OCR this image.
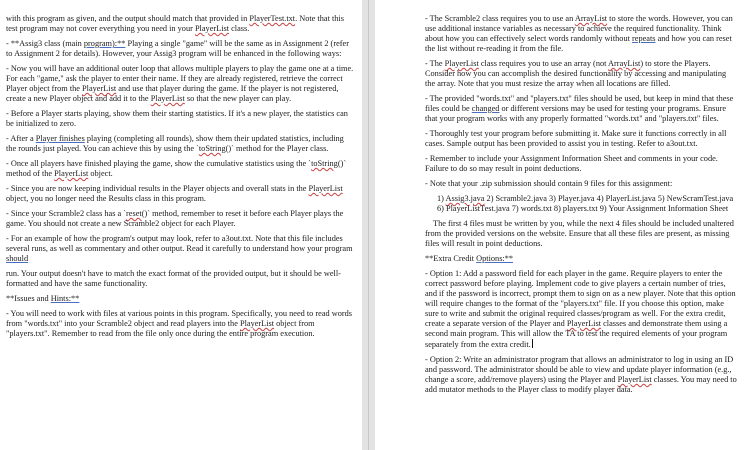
with this program as given, and the output should match that provided in PlayerTest.txt. Note that this test program may not cover everything you need in your PlayerList class.

- **Assig3 class (main program):** Playing a single "game" will be the same as in Assignment 2 (refer to Assignment 2 for details). However, your Assig3 program will be enhanced in the following ways:

- Now you will have an additional outer loop that allows multiple players to play the game one at a time. For each "game," ask the player to enter their name. If they are already registered, retrieve the correct Player object from the PlayerList and use that player during the game. If the player is not registered, create a new Player object and add it to the PlayerList so that the new player can play.

- Before a Player starts playing, show them their starting statistics. If it's a new player, the statistics can be initialized to zero.

- After a Player finishes playing (completing all rounds), show them their updated statistics, including the rounds just played. You can achieve this by using the `toString()` method for the Player class.

- Once all players have finished playing the game, show the cumulative statistics using the `toString()` method of the PlayerList object.

- Since you are now keeping individual results in the Player objects and overall stats in the PlayerList object, you no longer need the Results class in this program.

- Since your Scramble2 class has a `reset()` method, remember to reset it before each Player plays the game. You should not create a new Scramble2 object for each Player.

- For an example of how the program's output may look, refer to a3out.txt. Note that this file includes several runs, as well as commentary and other output. Read it carefully to understand how your program should

run. Your output doesn't have to match the exact format of the provided output, but it should be well-formatted and have the same functionality.

**Issues and Hints:**

- You will need to work with files at various points in this program. Specifically, you need to read words from "words.txt" into your Scramble2 object and read players into the PlayerList object from "players.txt". Remember to read from the file only once during the entire program execution.

- The Scramble2 class requires you to use an ArrayList to store the words. However, you can use additional instance variables as necessary to achieve the required functionality. Think about how you can effectively select words randomly without repeats and how you can reset the list without re-reading it from the file.

- The PlayerList class requires you to use an array (not ArrayList) to store the Players. Consider how you can accomplish the desired functionality by accessing and manipulating the array. Note that you must resize the array when all locations are filled.

- The provided "words.txt" and "players.txt" files should be used, but keep in mind that these files could be changed or different versions may be used for testing your programs. Ensure that your program works with any properly formatted "words.txt" and "players.txt" files.

- Thoroughly test your program before submitting it. Make sure it functions correctly in all cases. Sample output has been provided to assist you in testing. Refer to a3out.txt.

- Remember to include your Assignment Information Sheet and comments in your code. Failure to do so may result in point deductions.

- Note that your .zip submission should contain 9 files for this assignment:

1) Assig3.java 2) Scramble2.java 3) Player.java 4) PlayerList.java 5) NewScramTest.java 6) PlayerListTest.java 7) words.txt 8) players.txt 9) Your Assignment Information Sheet

The first 4 files must be written by you, while the next 4 files should be included unaltered from the provided versions on the website. Ensure that all these files are present, as missing files will result in point deductions.

**Extra Credit Options:**

- Option 1: Add a password field for each player in the game. Require players to enter the correct password before playing. Implement code to give players a certain number of tries, and if the password is incorrect, prompt them to sign on as a new player. Note that this option will require changes to the format of the "players.txt" file. If you choose this option, make sure to write and submit the original required classes/program as well. For the extra credit, create a separate version of the Player and PlayerList classes and demonstrate them using a second main program. This will allow the TA to test the required elements of your program separately from the extra credit.

- Option 2: Write an administrator program that allows an administrator to log in using an ID and password. The administrator should be able to view and update player information (e.g., change a score, add/remove players) using the Player and PlayerList classes. You may need to add mutator methods to the Player class to modify player data.
